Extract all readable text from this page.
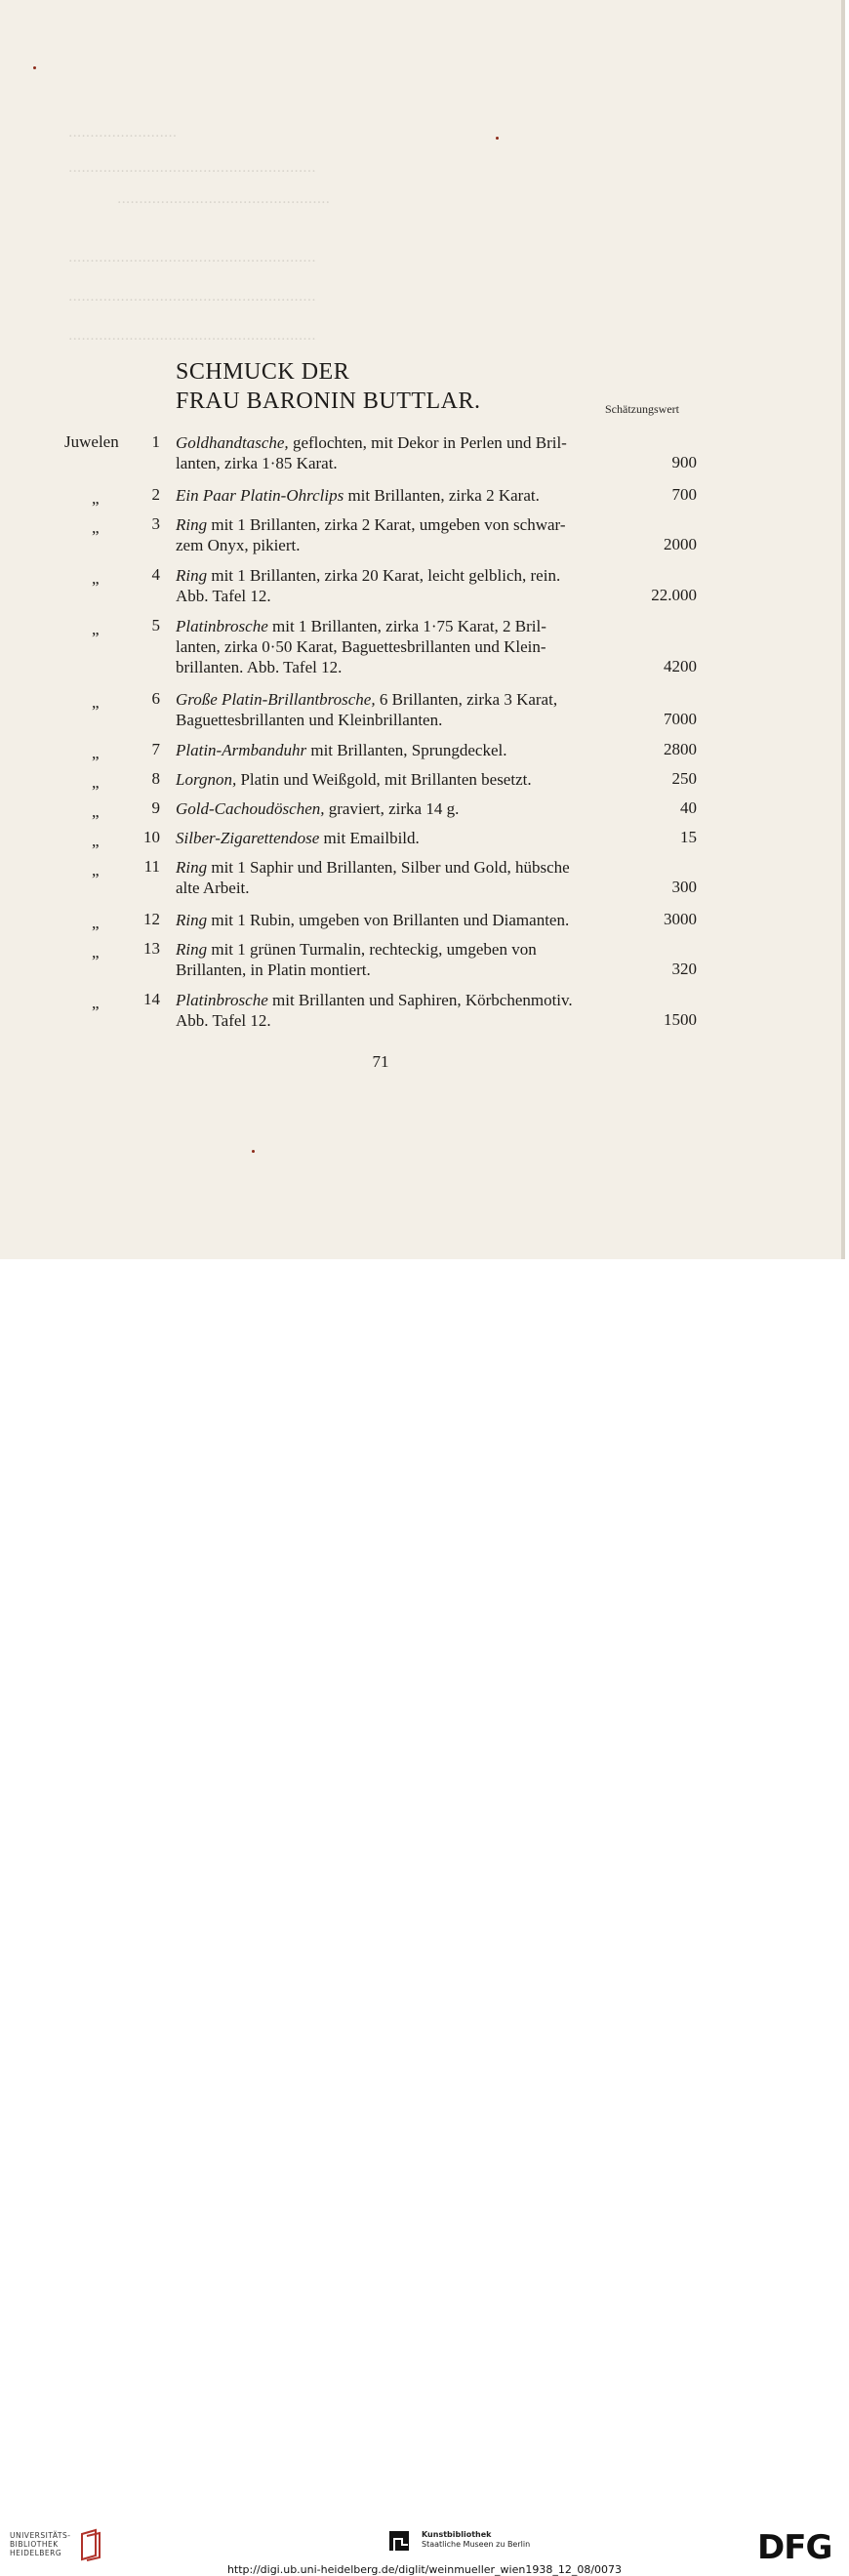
·························
·························································
·················································
·························································
·························································
·························································
SCHMUCK DER
FRAU BARONIN BUTTLAR.	Schätzungswert
Juwelen	1 Goldhandtasche, geflochten, mit Dekor in Perlen und Bril-
lanten, zirka 1·85 Karat.	900
„	2 Ein Paar Platin-Ohrclips mit Brillanten, zirka 2 Karat.	700
„	3 Ring mit 1 Brillanten, zirka 2 Karat, umgeben von schwar-
zem Onyx, pikiert.	2000
„	4 Ring mit 1 Brillanten, zirka 20 Karat, leicht gelblich, rein.
Abb. Tafel 12.	22.000
„	5 Platinbrosche mit 1 Brillanten, zirka 1·75 Karat, 2 Bril-
lanten, zirka 0·50 Karat, Baguettesbrillanten und Klein-
brillanten. Abb. Tafel 12.	4200
„	6 Große Platin-Brillantbrosche, 6 Brillanten, zirka 3 Karat,
Baguettesbrillanten und Kleinbrillanten.	7000
„	7 Platin-Armbanduhr mit Brillanten, Sprungdeckel.	2800
„	8 Lorgnon, Platin und Weißgold, mit Brillanten besetzt.	250
„	9 Gold-Cachoudöschen, graviert, zirka 14 g.	40
„	10 Silber-Zigarettendose mit Emailbild.	15
„	11 Ring mit 1 Saphir und Brillanten, Silber und Gold, hübsche
alte Arbeit.	300
„	12 Ring mit 1 Rubin, umgeben von Brillanten und Diamanten.	3000
„	13 Ring mit 1 grünen Turmalin, rechteckig, umgeben von
Brillanten, in Platin montiert.	320
„	14 Platinbrosche mit Brillanten und Saphiren, Körbchenmotiv.
Abb. Tafel 12.	1500
71
UNIVERSITÄTS-
BIBLIOTHEK
HEIDELBERG
Kunstbibliothek
Staatliche Museen zu Berlin	DFG
http://digi.ub.uni-heidelberg.de/diglit/weinmueller_wien1938_12_08/0073
